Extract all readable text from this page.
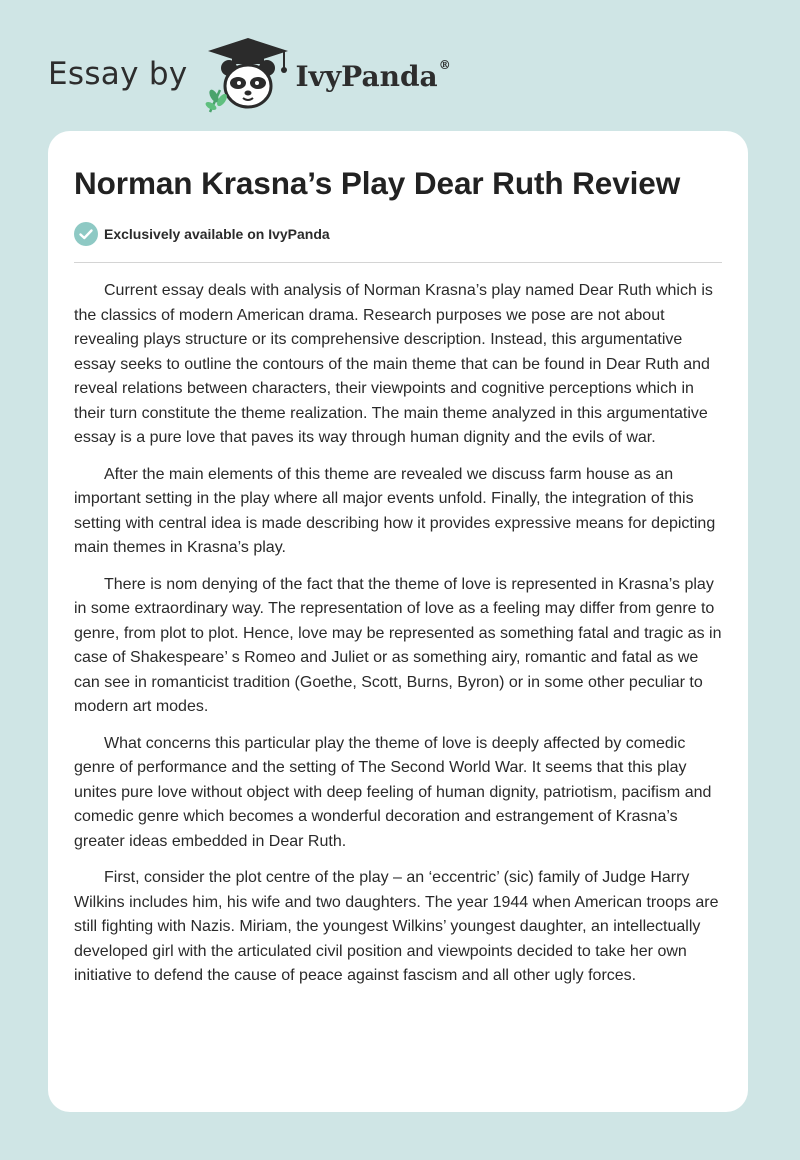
Essay by	IvyPanda®
Norman Krasna’s Play Dear Ruth Review
Exclusively available on IvyPanda

Current essay deals with analysis of Norman Krasna’s play named Dear Ruth which is the classics of modern American drama. Research purposes we pose are not about revealing plays structure or its comprehensive description. Instead, this argumentative essay seeks to outline the contours of the main theme that can be found in Dear Ruth and reveal relations between characters, their viewpoints and cognitive perceptions which in their turn constitute the theme realization. The main theme analyzed in this argumentative essay is a pure love that paves its way through human dignity and the evils of war.

After the main elements of this theme are revealed we discuss farm house as an important setting in the play where all major events unfold. Finally, the integration of this setting with central idea is made describing how it provides expressive means for depicting main themes in Krasna’s play.

There is nom denying of the fact that the theme of love is represented in Krasna’s play in some extraordinary way. The representation of love as a feeling may differ from genre to genre, from plot to plot. Hence, love may be represented as something fatal and tragic as in case of Shakespeare’ s Romeo and Juliet or as something airy, romantic and fatal as we can see in romanticist tradition (Goethe, Scott, Burns, Byron) or in some other peculiar to modern art modes.

What concerns this particular play the theme of love is deeply affected by comedic genre of performance and the setting of The Second World War. It seems that this play unites pure love without object with deep feeling of human dignity, patriotism, pacifism and comedic genre which becomes a wonderful decoration and estrangement of Krasna’s greater ideas embedded in Dear Ruth.

First, consider the plot centre of the play – an ‘eccentric’ (sic) family of Judge Harry Wilkins includes him, his wife and two daughters. The year 1944 when American troops are still fighting with Nazis. Miriam, the youngest Wilkins’ youngest daughter, an intellectually developed girl with the articulated civil position and viewpoints decided to take her own initiative to defend the cause of peace against fascism and all other ugly forces.
